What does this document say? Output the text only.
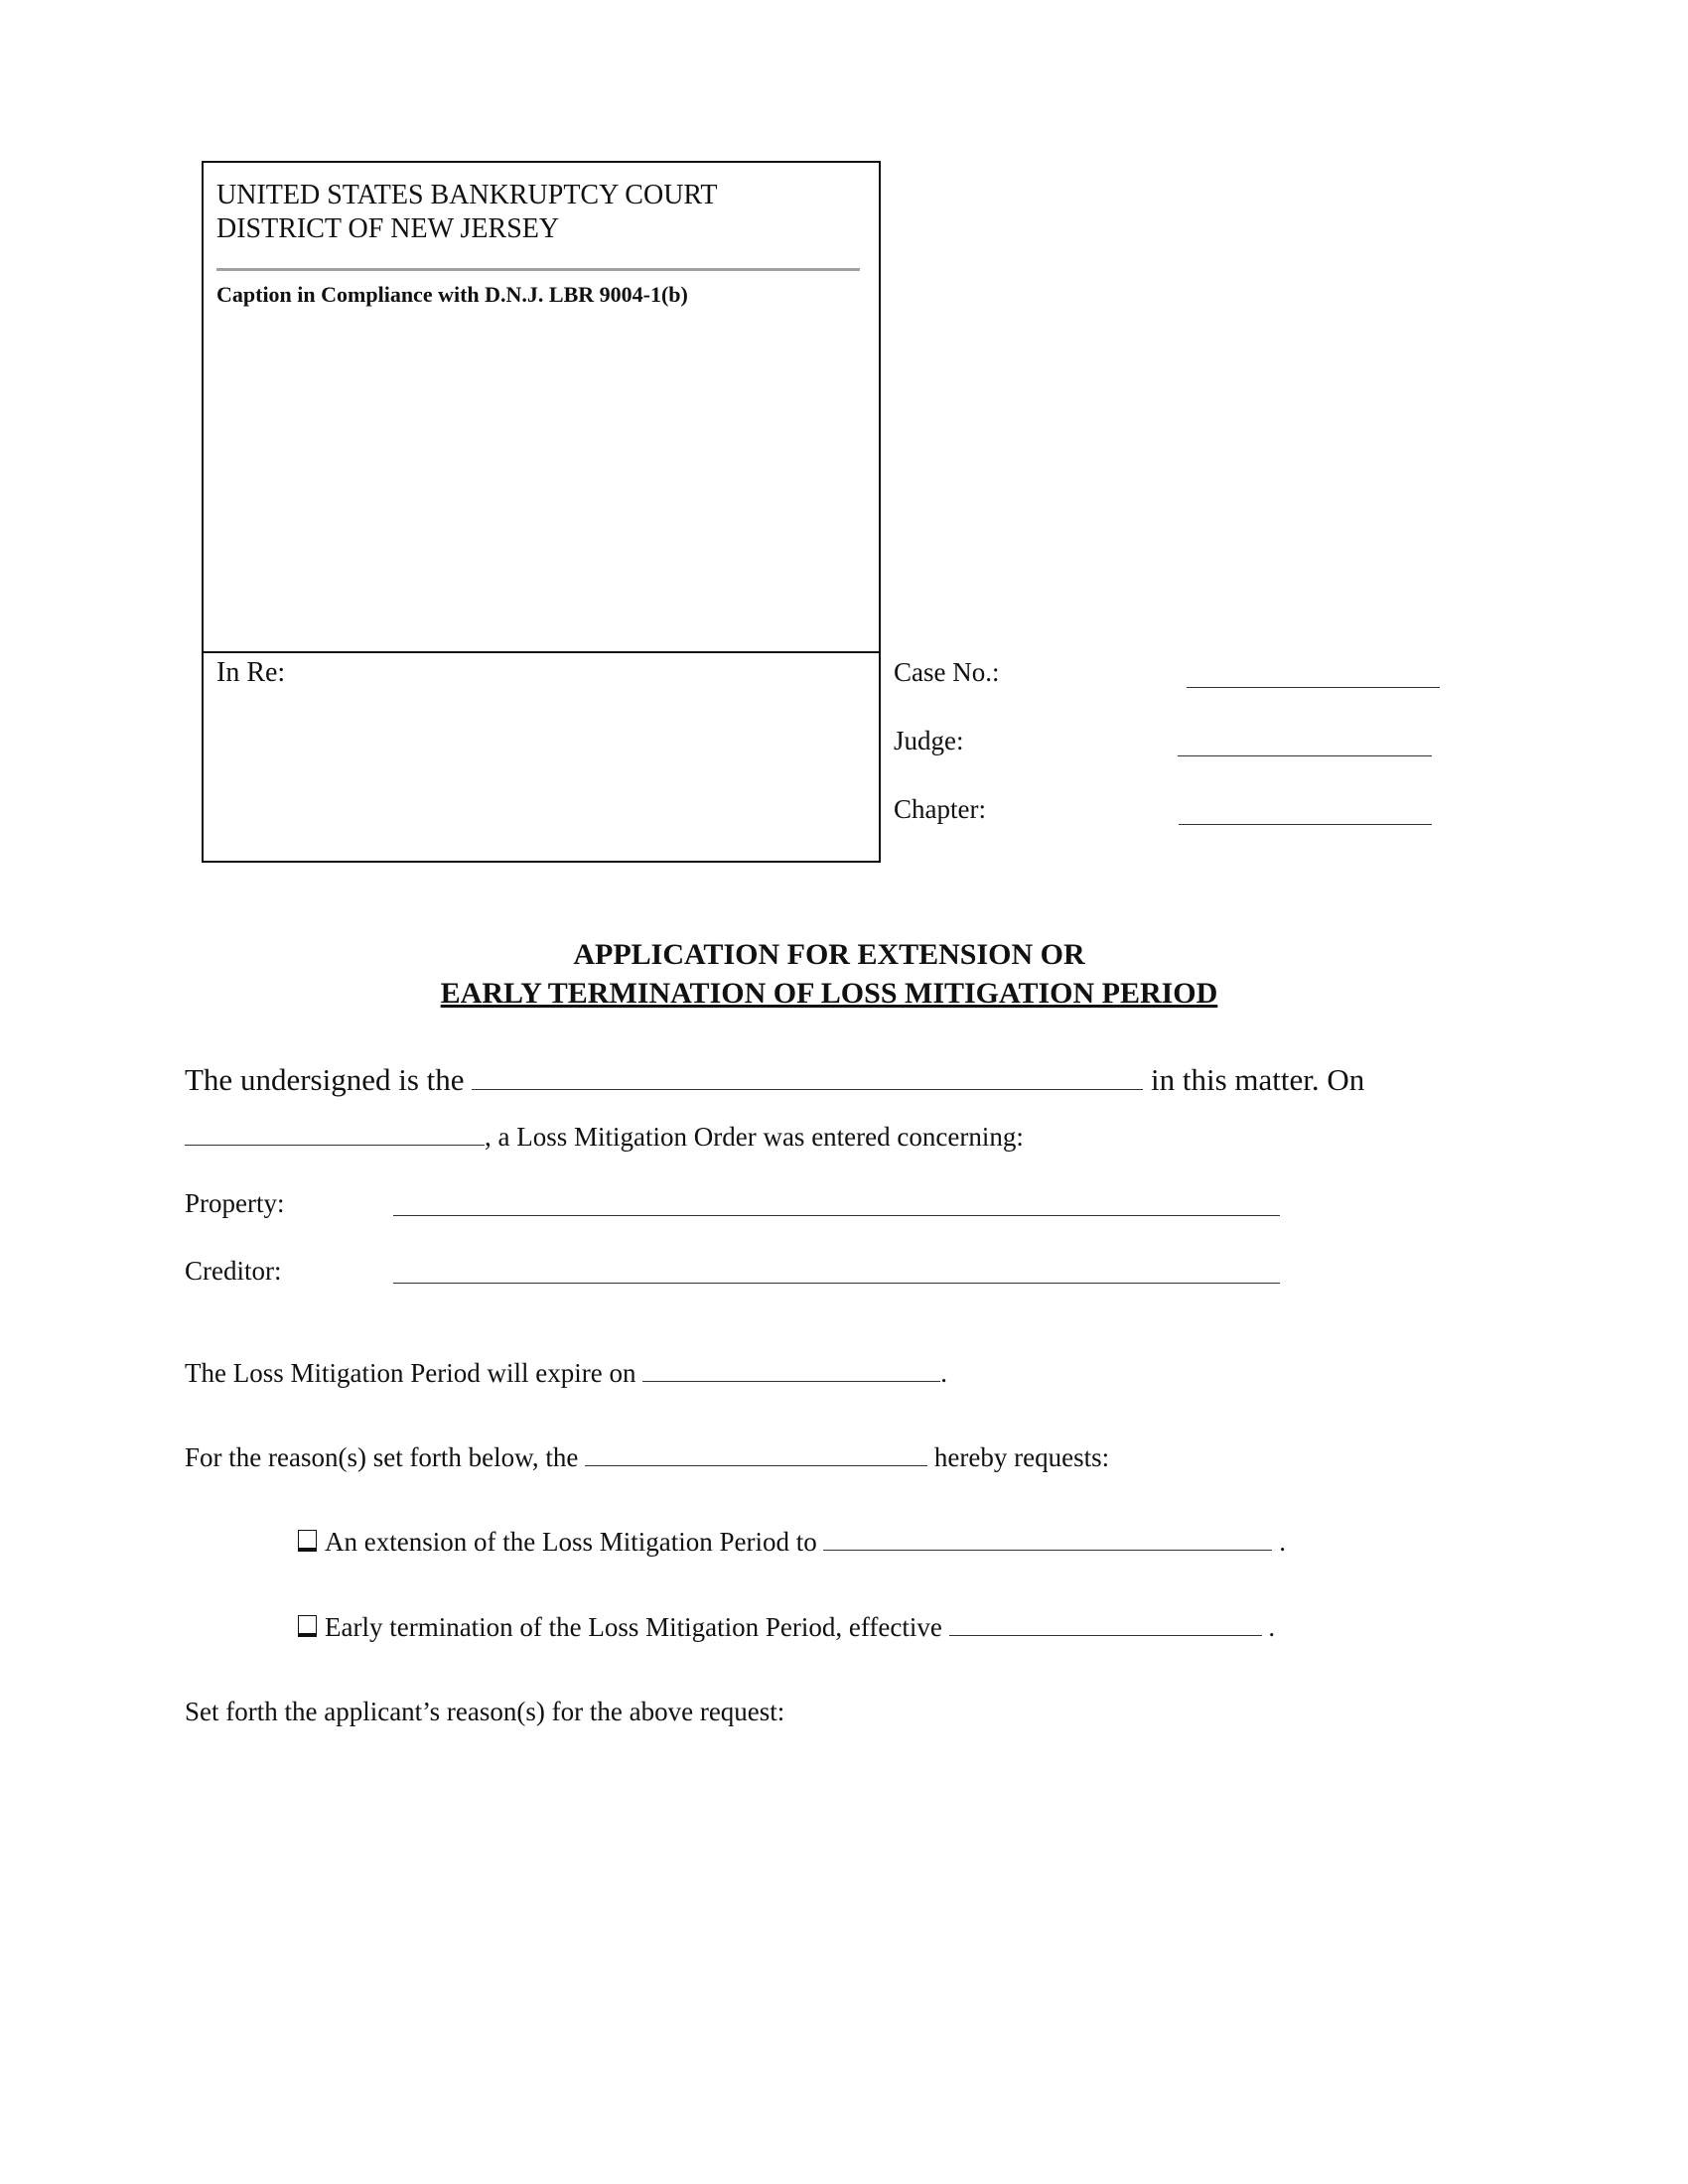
UNITED STATES BANKRUPTCY COURT
DISTRICT OF NEW JERSEY
Caption in Compliance with D.N.J. LBR 9004-1(b)
In Re:	Case No.:
Judge:
Chapter:
APPLICATION FOR EXTENSION OR
EARLY TERMINATION OF LOSS MITIGATION PERIOD
The undersigned is the	in this matter. On
, a Loss Mitigation Order was entered concerning:
Property:
Creditor:
The Loss Mitigation Period will expire on	.
For the reason(s) set forth below, the	hereby requests:
An extension of the Loss Mitigation Period to	.
Early termination of the Loss Mitigation Period, effective	.
Set forth the applicant’s reason(s) for the above request:
